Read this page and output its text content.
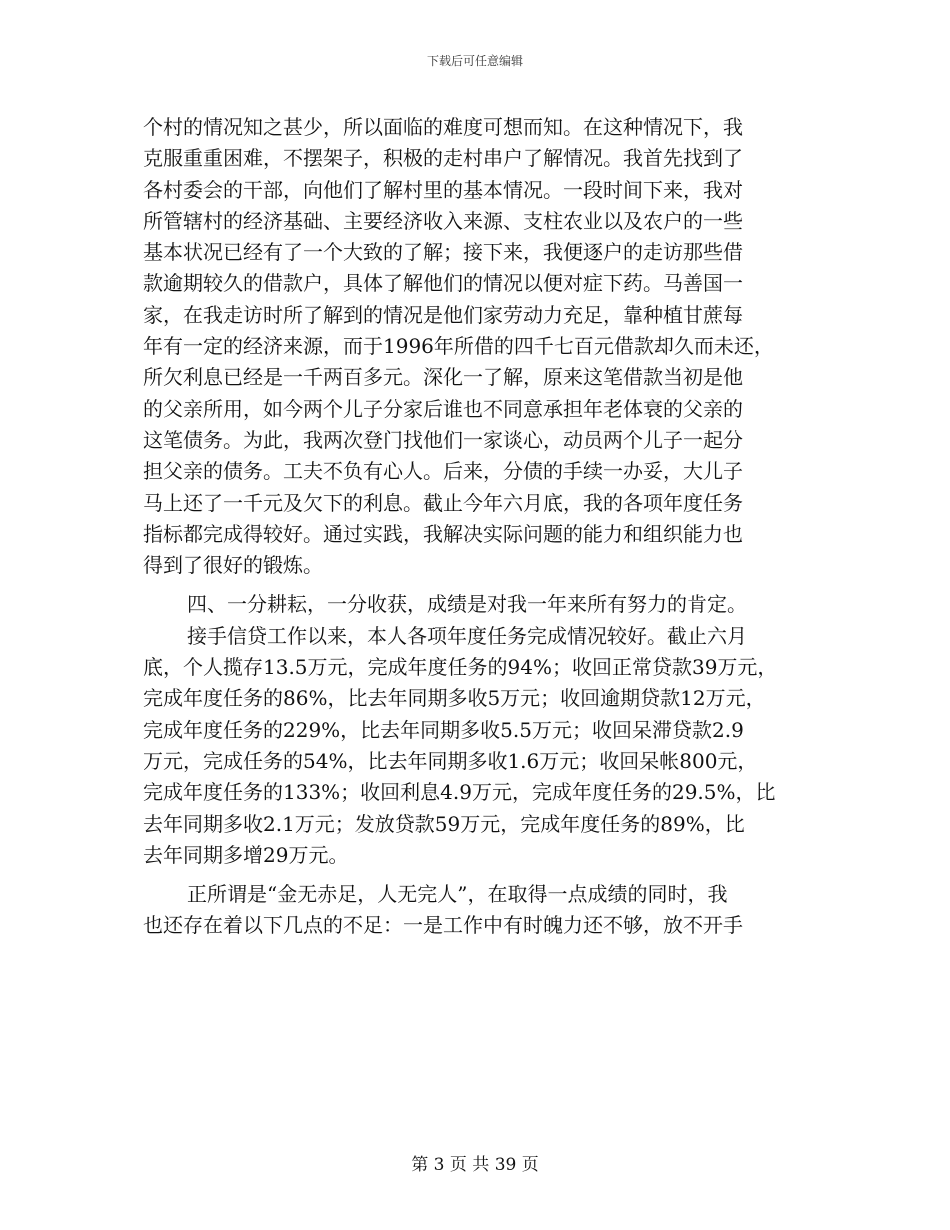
下载后可任意编辑
个村的情况知之甚少，所以面临的难度可想而知。在这种情况下，我
克服重重困难，不摆架子，积极的走村串户了解情况。我首先找到了
各村委会的干部，向他们了解村里的基本情况。一段时间下来，我对
所管辖村的经济基础、主要经济收入来源、支柱农业以及农户的一些
基本状况已经有了一个大致的了解；接下来，我便逐户的走访那些借
款逾期较久的借款户，具体了解他们的情况以便对症下药。马善国一
家，在我走访时所了解到的情况是他们家劳动力充足，靠种植甘蔗每
年有一定的经济来源，而于1996年所借的四千七百元借款却久而未还，
所欠利息已经是一千两百多元。深化一了解，原来这笔借款当初是他
的父亲所用，如今两个儿子分家后谁也不同意承担年老体衰的父亲的
这笔债务。为此，我两次登门找他们一家谈心，动员两个儿子一起分
担父亲的债务。工夫不负有心人。后来，分债的手续一办妥，大儿子
马上还了一千元及欠下的利息。截止今年六月底，我的各项年度任务
指标都完成得较好。通过实践，我解决实际问题的能力和组织能力也
得到了很好的锻炼。
四、一分耕耘，一分收获，成绩是对我一年来所有努力的肯定。
接手信贷工作以来，本人各项年度任务完成情况较好。截止六月
底，个人揽存13.5万元，完成年度任务的94%；收回正常贷款39万元，
完成年度任务的86%，比去年同期多收5万元；收回逾期贷款12万元，
完成年度任务的229%，比去年同期多收5.5万元；收回呆滞贷款2.9
万元，完成任务的54%，比去年同期多收1.6万元；收回呆帐800元，
完成年度任务的133%；收回利息4.9万元，完成年度任务的29.5%，比
去年同期多收2.1万元；发放贷款59万元，完成年度任务的89%，比
去年同期多增29万元。
正所谓是“金无赤足，人无完人”，在取得一点成绩的同时，我
也还存在着以下几点的不足：一是工作中有时魄力还不够，放不开手
第 3 页 共 39 页
